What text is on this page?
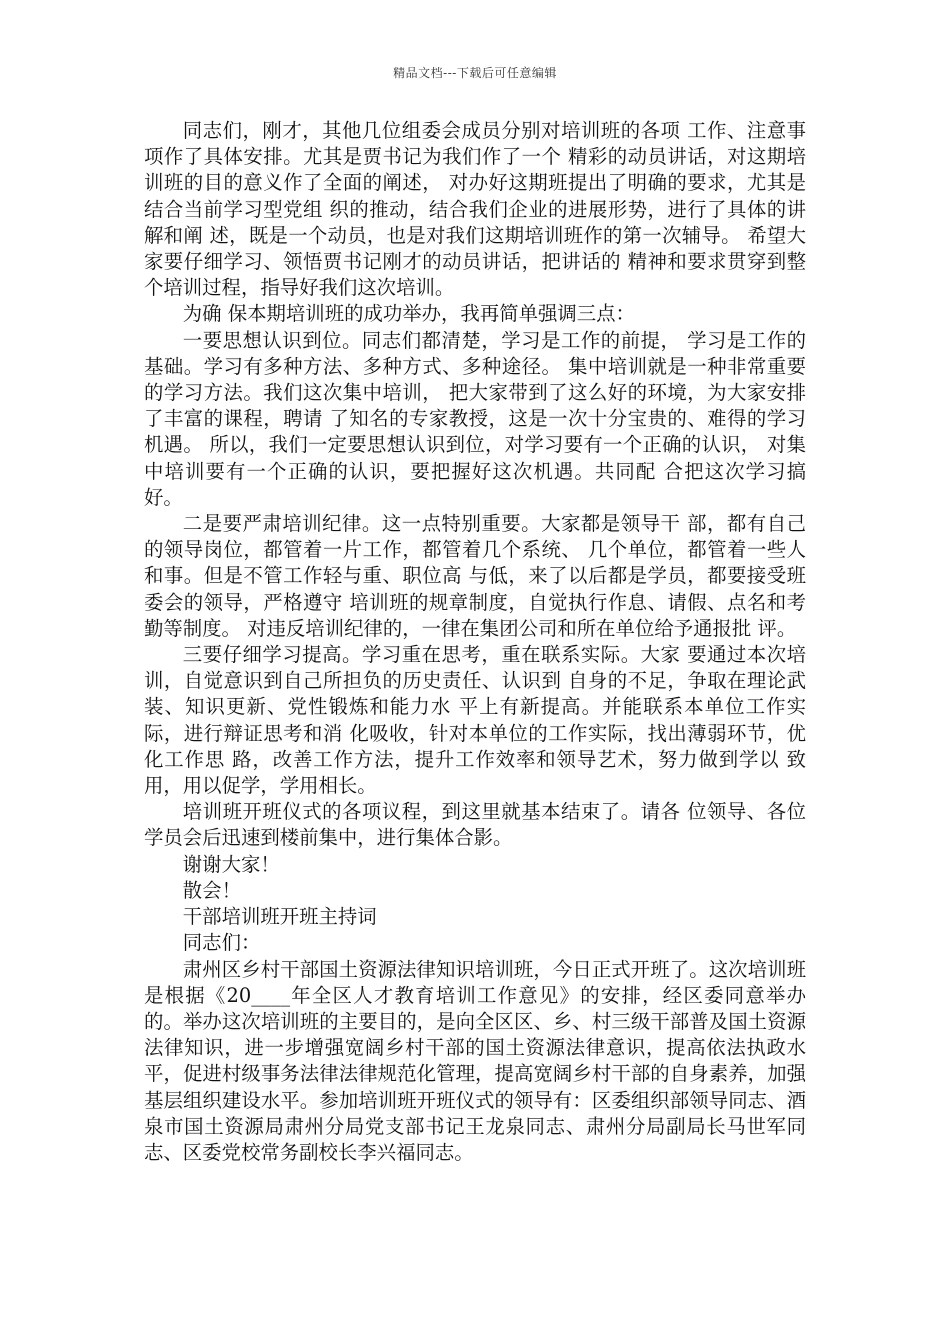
精品文档---下载后可任意编辑

同志们，刚才，其他几位组委会成员分别对培训班的各项 工作、注意事项作了具体安排。尤其是贾书记为我们作了一个 精彩的动员讲话，对这期培训班的目的意义作了全面的阐述， 对办好这期班提出了明确的要求，尤其是结合当前学习型党组 织的推动，结合我们企业的进展形势，进行了具体的讲解和阐 述，既是一个动员，也是对我们这期培训班作的第一次辅导。 希望大家要仔细学习、领悟贾书记刚才的动员讲话，把讲话的 精神和要求贯穿到整个培训过程，指导好我们这次培训。

为确 保本期培训班的成功举办，我再简单强调三点：

一要思想认识到位。同志们都清楚，学习是工作的前提， 学习是工作的基础。学习有多种方法、多种方式、多种途径。 集中培训就是一种非常重要的学习方法。我们这次集中培训， 把大家带到了这么好的环境，为大家安排了丰富的课程，聘请 了知名的专家教授，这是一次十分宝贵的、难得的学习机遇。 所以，我们一定要思想认识到位，对学习要有一个正确的认识， 对集中培训要有一个正确的认识，要把握好这次机遇。共同配 合把这次学习搞好。

二是要严肃培训纪律。这一点特别重要。大家都是领导干 部，都有自己的领导岗位，都管着一片工作，都管着几个系统、 几个单位，都管着一些人和事。但是不管工作轻与重、职位高 与低，来了以后都是学员，都要接受班委会的领导，严格遵守 培训班的规章制度，自觉执行作息、请假、点名和考勤等制度。 对违反培训纪律的，一律在集团公司和所在单位给予通报批 评。

三要仔细学习提高。学习重在思考，重在联系实际。大家 要通过本次培训，自觉意识到自己所担负的历史责任、认识到 自身的不足，争取在理论武装、知识更新、党性锻炼和能力水 平上有新提高。并能联系本单位工作实际，进行辩证思考和消 化吸收，针对本单位的工作实际，找出薄弱环节，优化工作思 路，改善工作方法，提升工作效率和领导艺术，努力做到学以 致用，用以促学，学用相长。

培训班开班仪式的各项议程，到这里就基本结束了。请各 位领导、各位学员会后迅速到楼前集中，进行集体合影。

谢谢大家！

散会！

干部培训班开班主持词

同志们：

肃州区乡村干部国土资源法律知识培训班，今日正式开班了。这次培训班是根据《20____年全区人才教育培训工作意见》的安排，经区委同意举办的。举办这次培训班的主要目的，是向全区区、乡、村三级干部普及国土资源法律知识，进一步增强宽阔乡村干部的国土资源法律意识，提高依法执政水平，促进村级事务法律法律规范化管理，提高宽阔乡村干部的自身素养，加强基层组织建设水平。参加培训班开班仪式的领导有：区委组织部领导同志、酒泉市国土资源局肃州分局党支部书记王龙泉同志、肃州分局副局长马世军同志、区委党校常务副校长李兴福同志。
